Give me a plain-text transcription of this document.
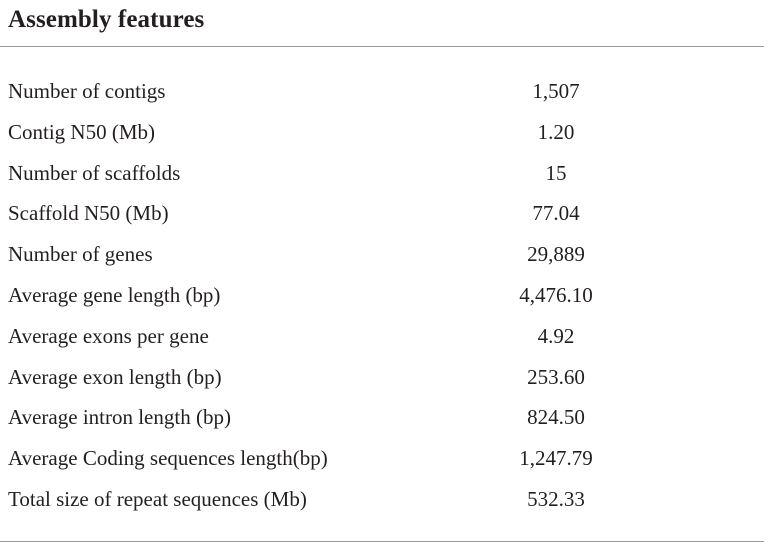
Assembly features
Number of contigs	1,507
Contig N50 (Mb)	1.20
Number of scaffolds	15
Scaffold N50 (Mb)	77.04
Number of genes	29,889
Average gene length (bp)	4,476.10
Average exons per gene	4.92
Average exon length (bp)	253.60
Average intron length (bp)	824.50
Average Coding sequences length(bp)	1,247.79
Total size of repeat sequences (Mb)	532.33
